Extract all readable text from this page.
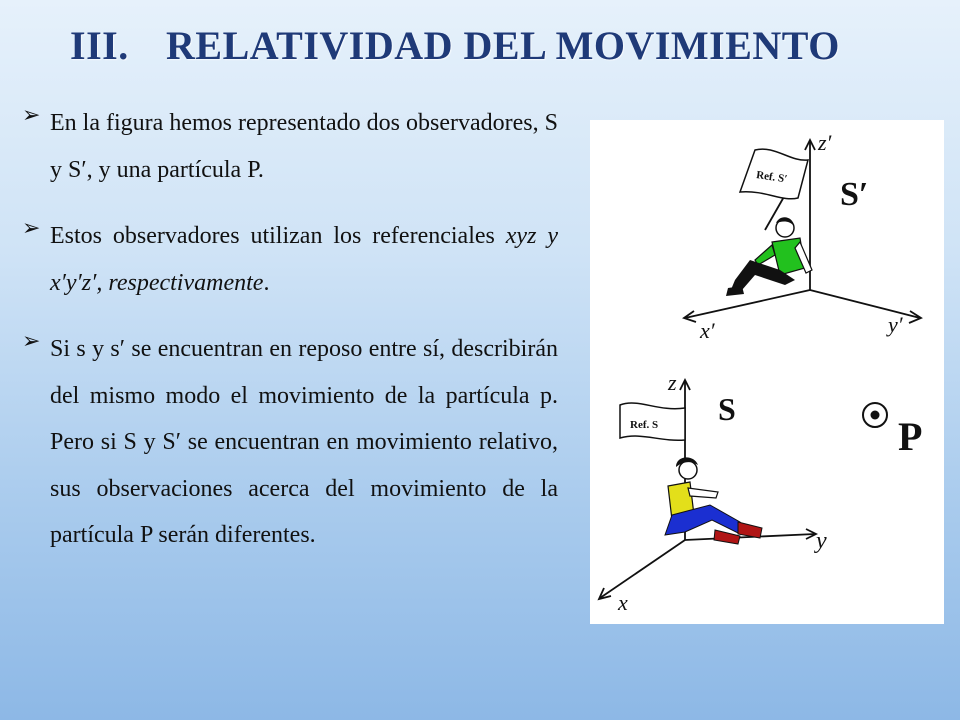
III. RELATIVIDAD DEL MOVIMIENTO
➢ En la figura hemos representado dos observadores, S y S′, y una partícula P.

➢ Estos observadores utilizan los referenciales xyz y x′y′z′, respectivamente.

➢ Si s y s′ se encuentran en reposo entre sí, describirán del mismo modo el movimiento de la partícula p. Pero si S y S′ se encuentran en movimiento relativo, sus observaciones acerca del movimiento de la partícula P serán diferentes.

Ref. S′
z′
S′
x′	y′
Ref. S
z
S
y
x
P
